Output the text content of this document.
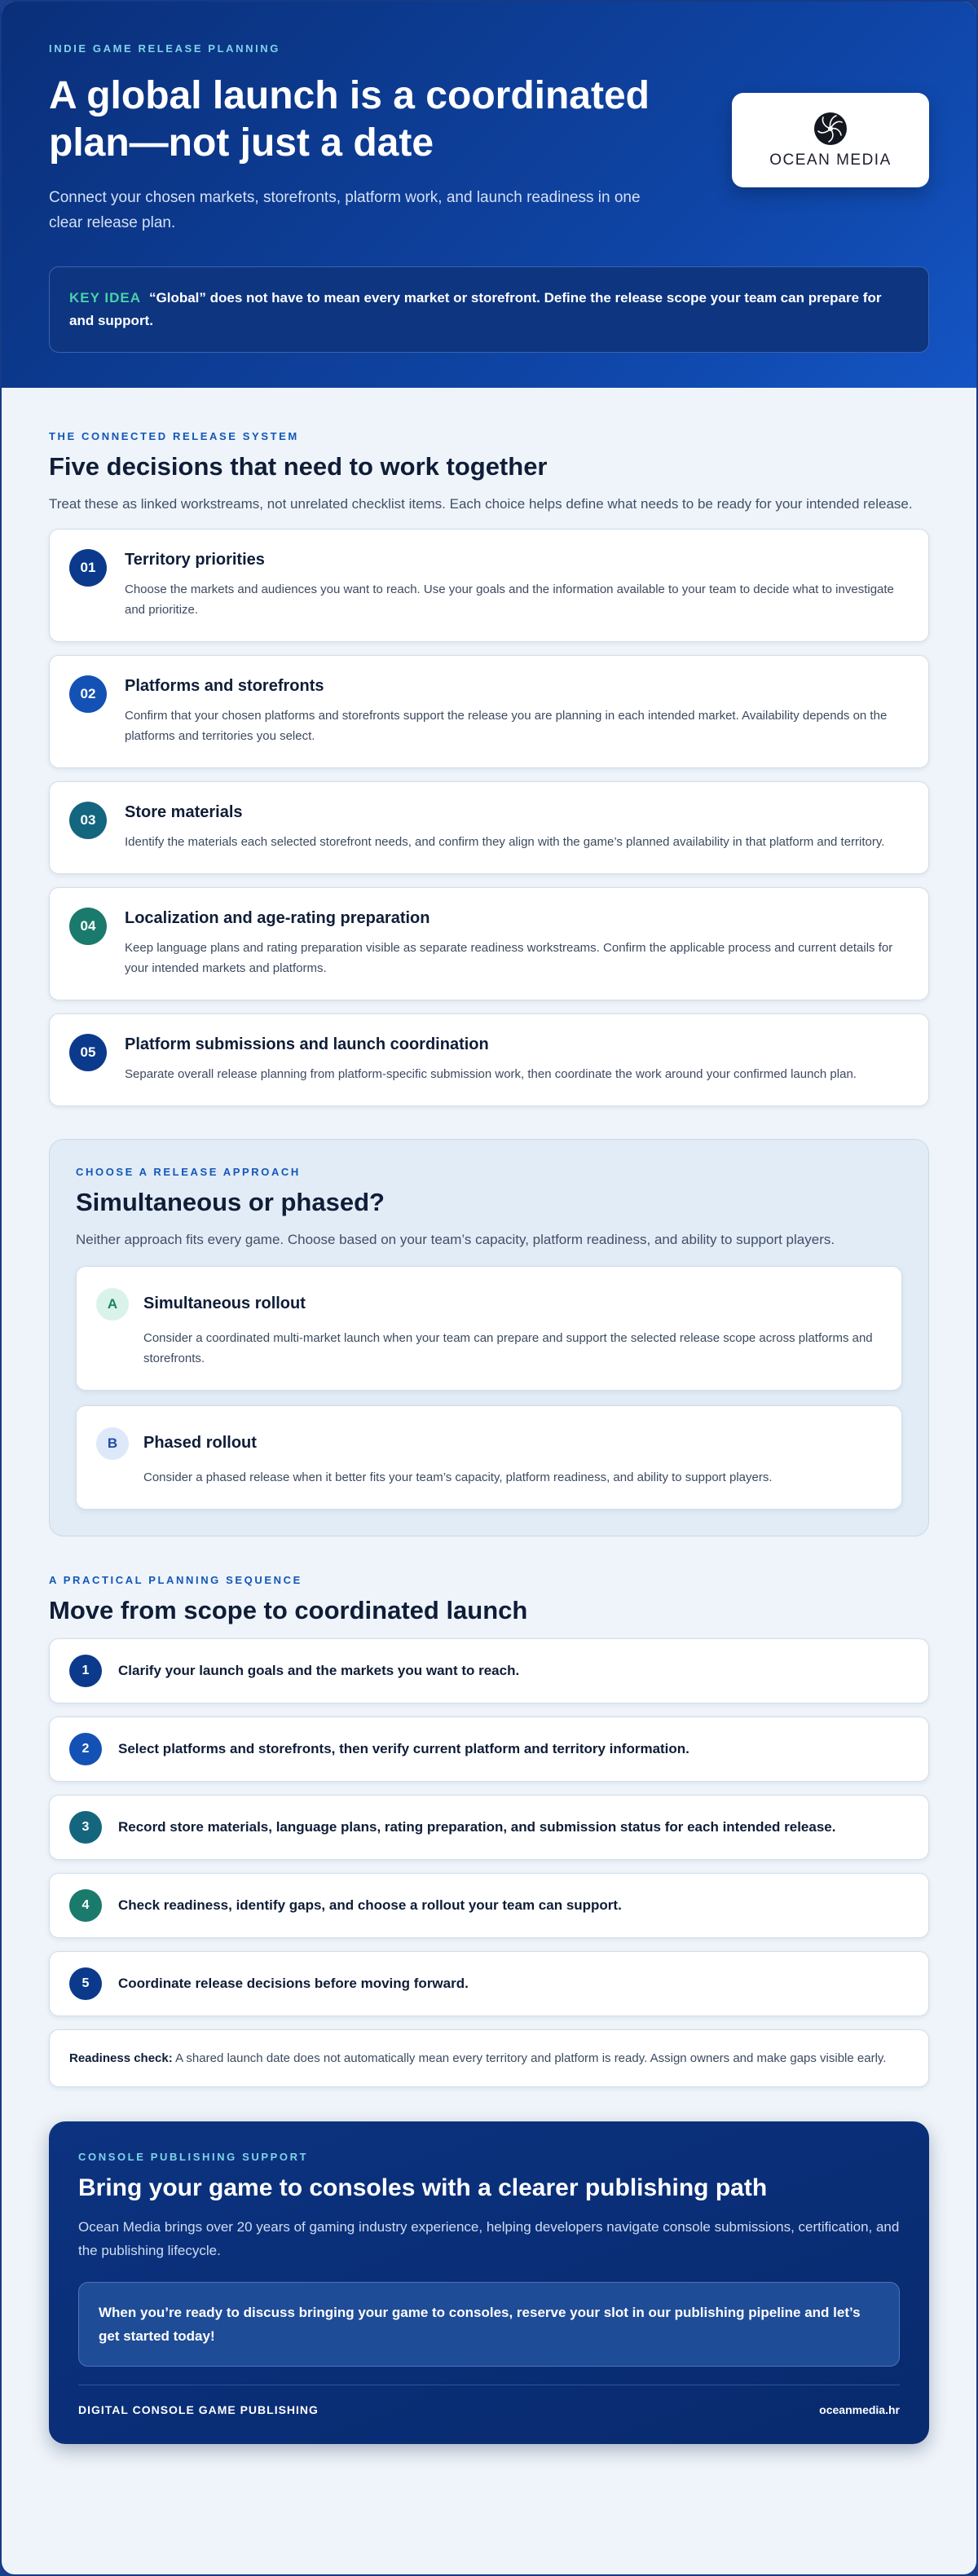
INDIE GAME RELEASE PLANNING
A global launch is a coordinated plan—not just a date

Connect your chosen markets, storefronts, platform work, and launch readiness in one clear release plan.

OCEAN MEDIA
KEY IDEA “Global” does not have to mean every market or storefront. Define the release scope your team can prepare for and support.
THE CONNECTED RELEASE SYSTEM
Five decisions that need to work together

Treat these as linked workstreams, not unrelated checklist items. Each choice helps define what needs to be ready for your intended release.

01	Territory priorities
Choose the markets and audiences you want to reach. Use your goals and the information available to your team to decide what to investigate and prioritize.
02	Platforms and storefronts
Confirm that your chosen platforms and storefronts support the release you are planning in each intended market. Availability depends on the platforms and territories you select.
03	Store materials
Identify the materials each selected storefront needs, and confirm they align with the game’s planned availability in that platform and territory.
04	Localization and age-rating preparation
Keep language plans and rating preparation visible as separate readiness workstreams. Confirm the applicable process and current details for your intended markets and platforms.
05	Platform submissions and launch coordination
Separate overall release planning from platform-specific submission work, then coordinate the work around your confirmed launch plan.
CHOOSE A RELEASE APPROACH
Simultaneous or phased?

Neither approach fits every game. Choose based on your team’s capacity, platform readiness, and ability to support players.

A	Simultaneous rollout
Consider a coordinated multi-market launch when your team can prepare and support the selected release scope across platforms and storefronts.
B	Phased rollout
Consider a phased release when it better fits your team’s capacity, platform readiness, and ability to support players.
A PRACTICAL PLANNING SEQUENCE
Move from scope to coordinated launch
1	Clarify your launch goals and the markets you want to reach.
2	Select platforms and storefronts, then verify current platform and territory information.
3	Record store materials, language plans, rating preparation, and submission status for each intended release.
4	Check readiness, identify gaps, and choose a rollout your team can support.
5	Coordinate release decisions before moving forward.
Readiness check: A shared launch date does not automatically mean every territory and platform is ready. Assign owners and make gaps visible early.
CONSOLE PUBLISHING SUPPORT
Bring your game to consoles with a clearer publishing path

Ocean Media brings over 20 years of gaming industry experience, helping developers navigate console submissions, certification, and the publishing lifecycle.

When you’re ready to discuss bringing your game to consoles, reserve your slot in our publishing pipeline and let’s get started today!
DIGITAL CONSOLE GAME PUBLISHING	oceanmedia.hr
